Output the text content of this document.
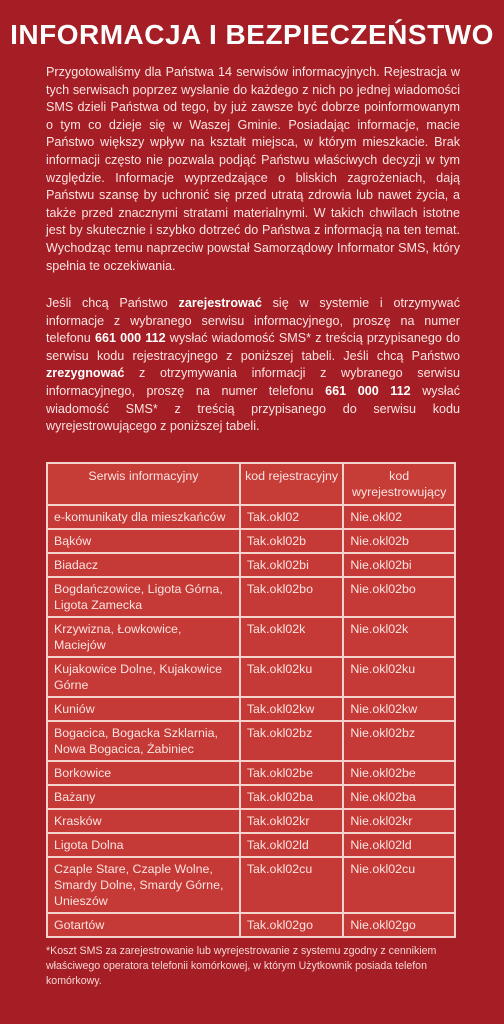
INFORMACJA I BEZPIECZEŃSTWO

Przygotowaliśmy dla Państwa 14 serwisów informacyjnych. Rejestracja w tych serwisach poprzez wysłanie do każdego z nich po jednej wiadomości SMS dzieli Państwa od tego, by już zawsze być dobrze poinformowanym o tym co dzieje się w Waszej Gminie. Posiadając informacje, macie Państwo większy wpływ na kształt miejsca, w którym mieszkacie. Brak informacji często nie pozwala podjąć Państwu właściwych decyzji w tym względzie. Informacje wyprzedzające o bliskich zagrożeniach, dają Państwu szansę by uchronić się przed utratą zdrowia lub nawet życia, a także przed znacznymi stratami materialnymi. W takich chwilach istotne jest by skutecznie i szybko dotrzeć do Państwa z informacją na ten temat. Wychodząc temu naprzeciw powstał Samorządowy Informator SMS, który spełnia te oczekiwania.

Jeśli chcą Państwo zarejestrować się w systemie i otrzymywać informacje z wybranego serwisu informacyjnego, proszę na numer telefonu 661 000 112 wysłać wiadomość SMS* z treścią przypisanego do serwisu kodu rejestracyjnego z poniższej tabeli. Jeśli chcą Państwo zrezygnować z otrzymywania informacji z wybranego serwisu informacyjnego, proszę na numer telefonu 661 000 112 wysłać wiadomość SMS* z treścią przypisanego do serwisu kodu wyrejestrowującego z poniższej tabeli.

Serwis informacyjny	kod rejestracyjny	kod wyrejestrowujący
e-komunikaty dla mieszkańców	Tak.okl02	Nie.okl02
Bąków	Tak.okl02b	Nie.okl02b
Biadacz	Tak.okl02bi	Nie.okl02bi
Bogdańczowice, Ligota Górna, Ligota Zamecka	Tak.okl02bo	Nie.okl02bo
Krzywizna, Łowkowice, Maciejów	Tak.okl02k	Nie.okl02k
Kujakowice Dolne, Kujakowice Górne	Tak.okl02ku	Nie.okl02ku
Kuniów	Tak.okl02kw	Nie.okl02kw
Bogacica, Bogacka Szklarnia, Nowa Bogacica, Żabiniec	Tak.okl02bz	Nie.okl02bz
Borkowice	Tak.okl02be	Nie.okl02be
Bażany	Tak.okl02ba	Nie.okl02ba
Krasków	Tak.okl02kr	Nie.okl02kr
Ligota Dolna	Tak.okl02ld	Nie.okl02ld
Czaple Stare, Czaple Wolne, Smardy Dolne, Smardy Górne, Unieszów	Tak.okl02cu	Nie.okl02cu
Gotartów	Tak.okl02go	Nie.okl02go

*Koszt SMS za zarejestrowanie lub wyrejestrowanie z systemu zgodny z cennikiem właściwego operatora telefonii komórkowej, w którym Użytkownik posiada telefon komórkowy.
